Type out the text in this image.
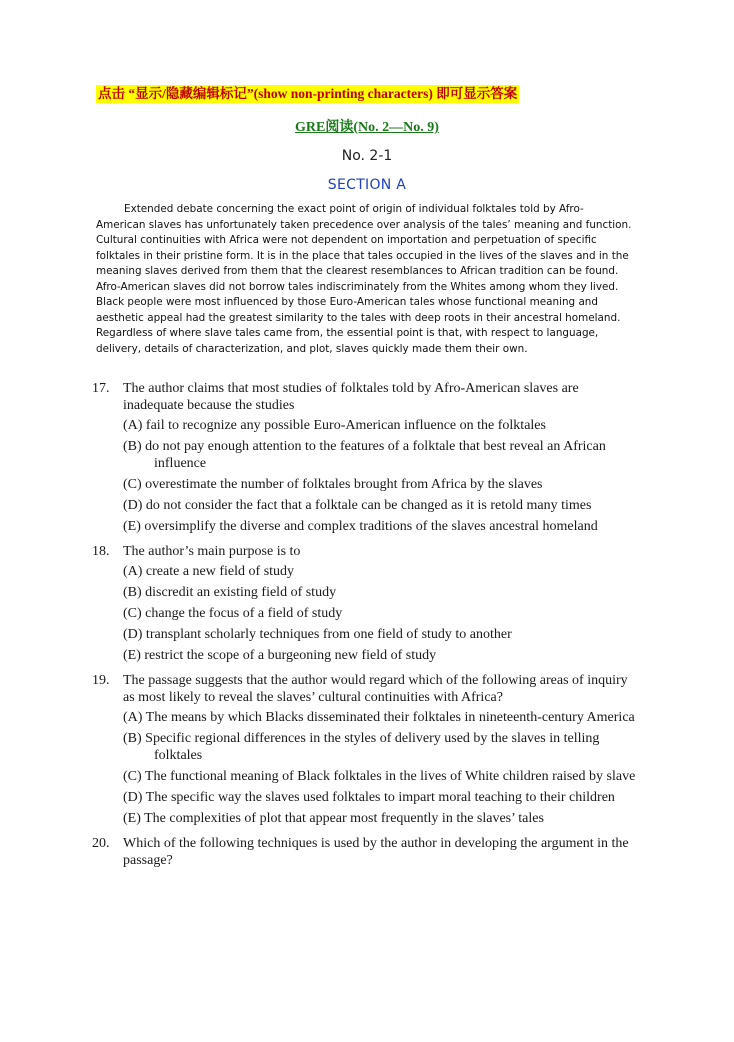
点击 “显示/隐藏编辑标记”(show non-printing characters) 即可显示答案
GRE阅读(No. 2—No. 9)
No. 2-1
SECTION A

Extended debate concerning the exact point of origin of individual folktales told by Afro-American slaves has unfortunately taken precedence over analysis of the tales’ meaning and function. Cultural continuities with Africa were not dependent on importation and perpetuation of specific folktales in their pristine form. It is in the place that tales occupied in the lives of the slaves and in the meaning slaves derived from them that the clearest resemblances to African tradition can be found. Afro-American slaves did not borrow tales indiscriminately from the Whites among whom they lived. Black people were most influenced by those Euro-American tales whose functional meaning and aesthetic appeal had the greatest similarity to the tales with deep roots in their ancestral homeland. Regardless of where slave tales came from, the essential point is that, with respect to language, delivery, details of characterization, and plot, slaves quickly made them their own.

17. The author claims that most studies of folktales told by Afro-American slaves are inadequate because the studies
(A) fail to recognize any possible Euro-American influence on the folktales
(B) do not pay enough attention to the features of a folktale that best reveal an African influence
(C) overestimate the number of folktales brought from Africa by the slaves
(D) do not consider the fact that a folktale can be changed as it is retold many times
(E) oversimplify the diverse and complex traditions of the slaves ancestral homeland
18. The author’s main purpose is to
(A) create a new field of study
(B) discredit an existing field of study
(C) change the focus of a field of study
(D) transplant scholarly techniques from one field of study to another
(E) restrict the scope of a burgeoning new field of study
19. The passage suggests that the author would regard which of the following areas of inquiry as most likely to reveal the slaves’ cultural continuities with Africa?
(A) The means by which Blacks disseminated their folktales in nineteenth-century America
(B) Specific regional differences in the styles of delivery used by the slaves in telling folktales
(C) The functional meaning of Black folktales in the lives of White children raised by slave
(D) The specific way the slaves used folktales to impart moral teaching to their children
(E) The complexities of plot that appear most frequently in the slaves’ tales
20. Which of the following techniques is used by the author in developing the argument in the passage?
